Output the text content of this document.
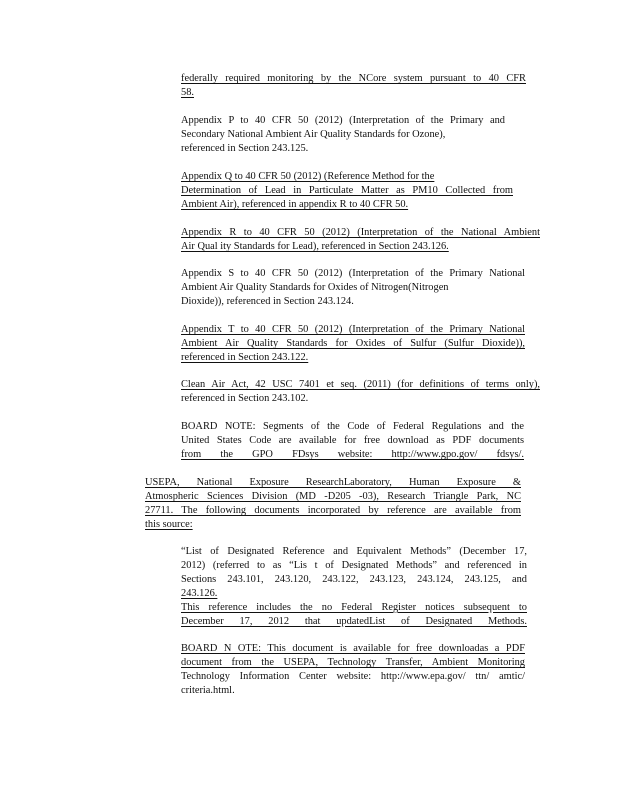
federally required monitoring by the NCore system pursuant to 40 CFR
58.
Appendix P to 40 CFR 50 (2012) (Interpretation of the Primary and
Secondary National Ambient Air Quality Standards for Ozone),
referenced in Section 243.125.
Appendix Q to 40 CFR 50 (2012) (Reference Method for the
Determination of Lead in Particulate Matter as PM10 Collected from
Ambient Air), referenced in appendix R to 40 CFR 50.
Appendix R to 40 CFR 50 (2012) (Interpretation of the National Ambient
Air Qual ity Standards for Lead), referenced in Section 243.126.
Appendix S to 40 CFR 50 (2012) (Interpretation of the Primary National
Ambient Air Quality Standards for Oxides of Nitrogen(Nitrogen
Dioxide)), referenced in Section 243.124.
Appendix T to 40 CFR 50 (2012) (Interpretation of the Primary National
Ambient Air Quality Standards for Oxides of Sulfur (Sulfur Dioxide)),
referenced in Section 243.122.
Clean Air Act, 42 USC 7401 et seq. (2011) (for definitions of terms only),
referenced in Section 243.102.
BOARD NOTE: Segments of the Code of Federal Regulations and the
United States Code are available for free download as PDF documents
from the GPO FDsys website: http://www.gpo.gov/ fdsys/.
USEPA, National Exposure ResearchLaboratory, Human Exposure &
Atmospheric Sciences Division (MD -D205 -03), Research Triangle Park, NC
27711. The following documents incorporated by reference are available from
this source:
“List of Designated Reference and Equivalent Methods” (December 17,
2012) (referred to as “Lis t of Designated Methods” and referenced in
Sections 243.101, 243.120, 243.122, 243.123, 243.124, 243.125, and
243.126.
This reference includes the no Federal Register notices subsequent to
December 17, 2012 that updatedList of Designated Methods.
BOARD N OTE: This document is available for free downloadas a PDF
document from the USEPA, Technology Transfer, Ambient Monitoring
Technology Information Center website: http://www.epa.gov/ ttn/ amtic/
criteria.html.
